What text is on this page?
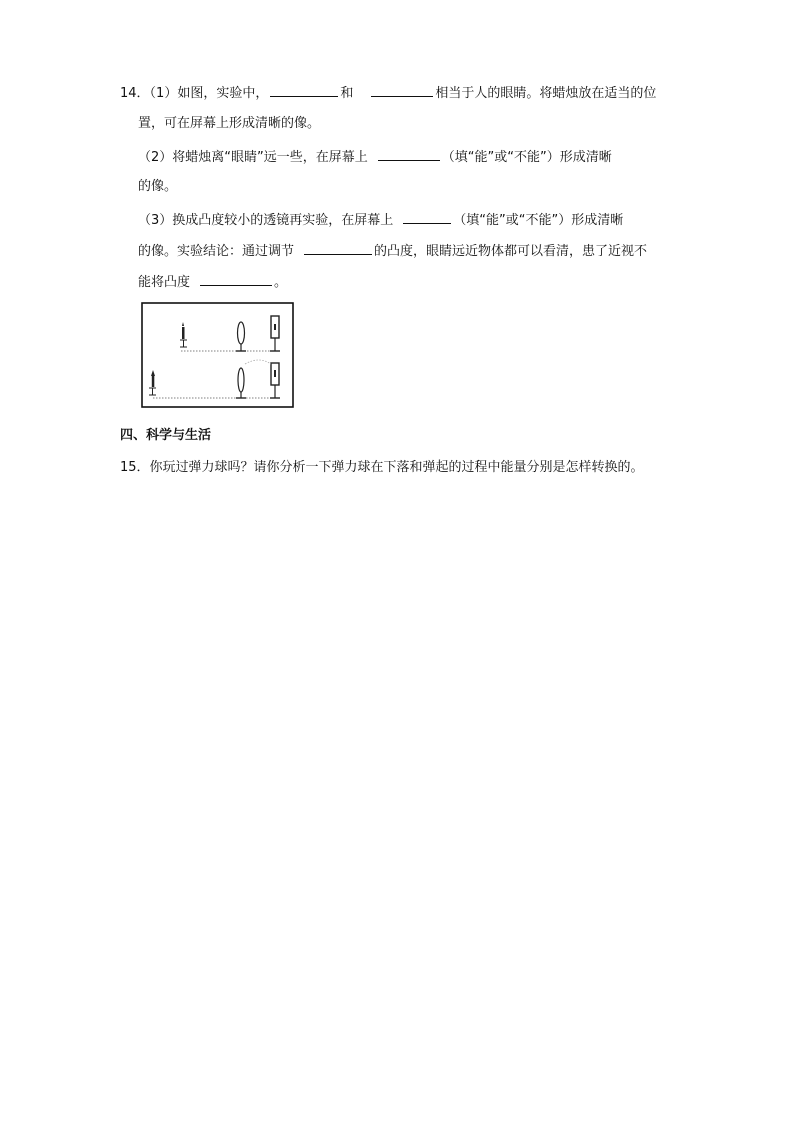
14．（1）如图，实验中，	和	相当于人的眼睛。将蜡烛放在适当的位
置，可在屏幕上形成清晰的像。
（2）将蜡烛离“眼睛”远一些，在屏幕上	（填“能”或“不能”）形成清晰
的像。
（3）换成凸度较小的透镜再实验，在屏幕上	（填“能”或“不能”）形成清晰
的像。实验结论：通过调节	的凸度，眼睛远近物体都可以看清，患了近视不
能将凸度	。
四、科学与生活
15．你玩过弹力球吗？请你分析一下弹力球在下落和弹起的过程中能量分别是怎样转换的。
